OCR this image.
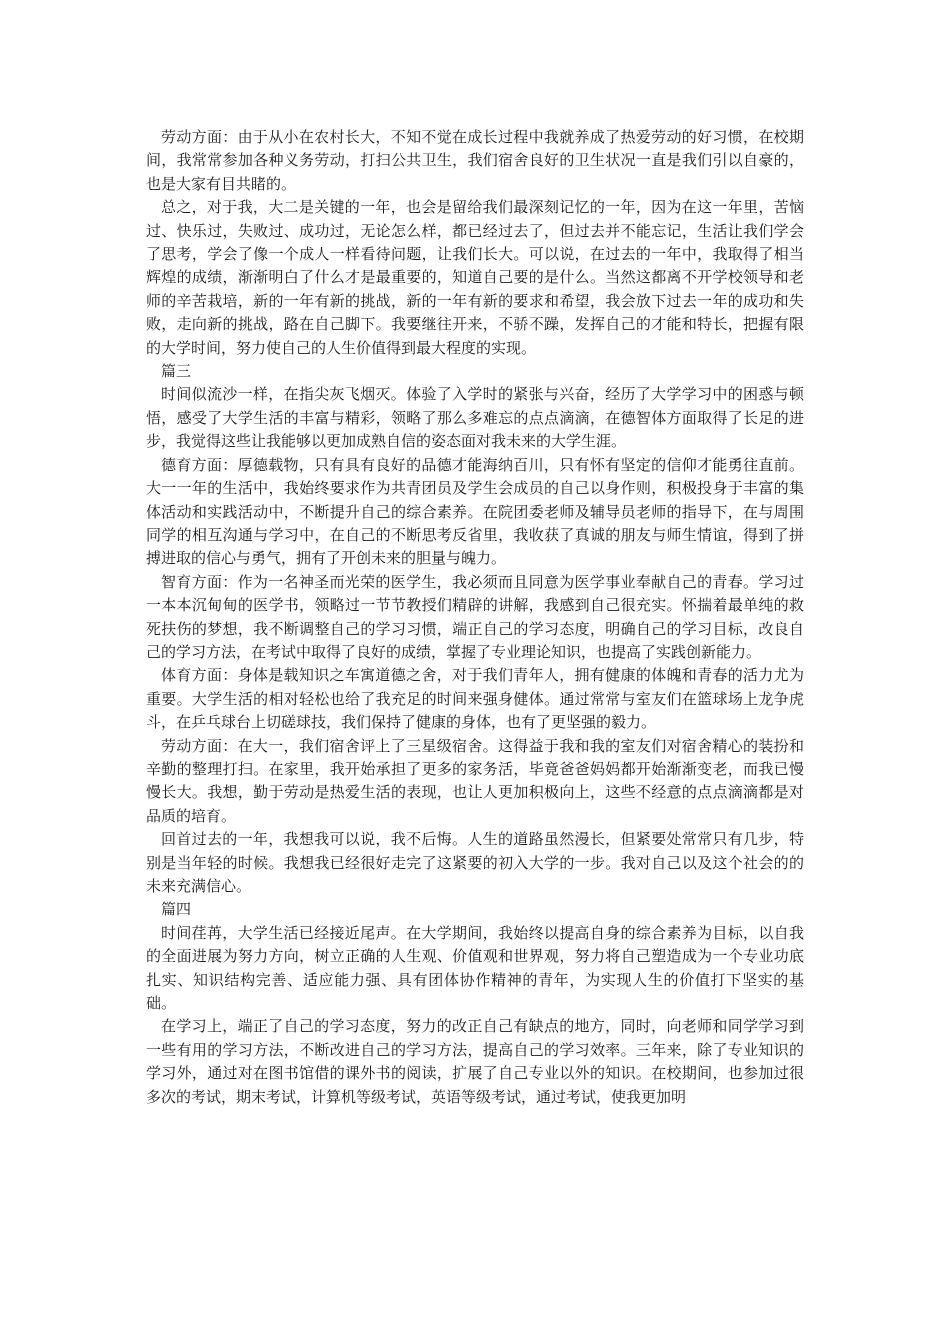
劳动方面：由于从小在农村长大，不知不觉在成长过程中我就养成了热爱劳动的好习惯，在校期间，我常常参加各种义务劳动，打扫公共卫生，我们宿舍良好的卫生状况一直是我们引以自豪的，也是大家有目共睹的。

总之，对于我，大二是关键的一年，也会是留给我们最深刻记忆的一年，因为在这一年里，苦恼过、快乐过，失败过、成功过，无论怎么样，都已经过去了，但过去并不能忘记，生活让我们学会了思考，学会了像一个成人一样看待问题，让我们长大。可以说，在过去的一年中，我取得了相当辉煌的成绩，渐渐明白了什么才是最重要的，知道自己要的是什么。当然这都离不开学校领导和老师的辛苦栽培，新的一年有新的挑战，新的一年有新的要求和希望，我会放下过去一年的成功和失败，走向新的挑战，路在自己脚下。我要继往开来，不骄不躁，发挥自己的才能和特长，把握有限的大学时间，努力使自己的人生价值得到最大程度的实现。

篇三

时间似流沙一样，在指尖灰飞烟灭。体验了入学时的紧张与兴奋，经历了大学学习中的困惑与顿悟，感受了大学生活的丰富与精彩，领略了那么多难忘的点点滴滴，在德智体方面取得了长足的进步，我觉得这些让我能够以更加成熟自信的姿态面对我未来的大学生涯。

德育方面：厚德载物，只有具有良好的品德才能海纳百川，只有怀有坚定的信仰才能勇往直前。大一一年的生活中，我始终要求作为共青团员及学生会成员的自己以身作则，积极投身于丰富的集体活动和实践活动中，不断提升自己的综合素养。在院团委老师及辅导员老师的指导下，在与周围同学的相互沟通与学习中，在自己的不断思考反省里，我收获了真诚的朋友与师生情谊，得到了拼搏进取的信心与勇气，拥有了开创未来的胆量与魄力。

智育方面：作为一名神圣而光荣的医学生，我必须而且同意为医学事业奉献自己的青春。学习过一本本沉甸甸的医学书，领略过一节节教授们精辟的讲解，我感到自己很充实。怀揣着最单纯的救死扶伤的梦想，我不断调整自己的学习习惯，端正自己的学习态度，明确自己的学习目标，改良自己的学习方法，在考试中取得了良好的成绩，掌握了专业理论知识，也提高了实践创新能力。

体育方面：身体是载知识之车寓道德之舍，对于我们青年人，拥有健康的体魄和青春的活力尤为重要。大学生活的相对轻松也给了我充足的时间来强身健体。通过常常与室友们在篮球场上龙争虎斗，在乒乓球台上切磋球技，我们保持了健康的身体，也有了更坚强的毅力。

劳动方面：在大一，我们宿舍评上了三星级宿舍。这得益于我和我的室友们对宿舍精心的装扮和辛勤的整理打扫。在家里，我开始承担了更多的家务活，毕竟爸爸妈妈都开始渐渐变老，而我已慢慢长大。我想，勤于劳动是热爱生活的表现，也让人更加积极向上，这些不经意的点点滴滴都是对品质的培育。

回首过去的一年，我想我可以说，我不后悔。人生的道路虽然漫长，但紧要处常常只有几步，特别是当年轻的时候。我想我已经很好走完了这紧要的初入大学的一步。我对自己以及这个社会的的未来充满信心。

篇四

时间荏苒，大学生活已经接近尾声。在大学期间，我始终以提高自身的综合素养为目标，以自我的全面进展为努力方向，树立正确的人生观、价值观和世界观，努力将自己塑造成为一个专业功底扎实、知识结构完善、适应能力强、具有团体协作精神的青年，为实现人生的价值打下坚实的基础。

在学习上，端正了自己的学习态度，努力的改正自己有缺点的地方，同时，向老师和同学学习到一些有用的学习方法，不断改进自己的学习方法，提高自己的学习效率。三年来，除了专业知识的学习外，通过对在图书馆借的课外书的阅读，扩展了自己专业以外的知识。在校期间，也参加过很多次的考试，期末考试，计算机等级考试，英语等级考试，通过考试，使我更加明
